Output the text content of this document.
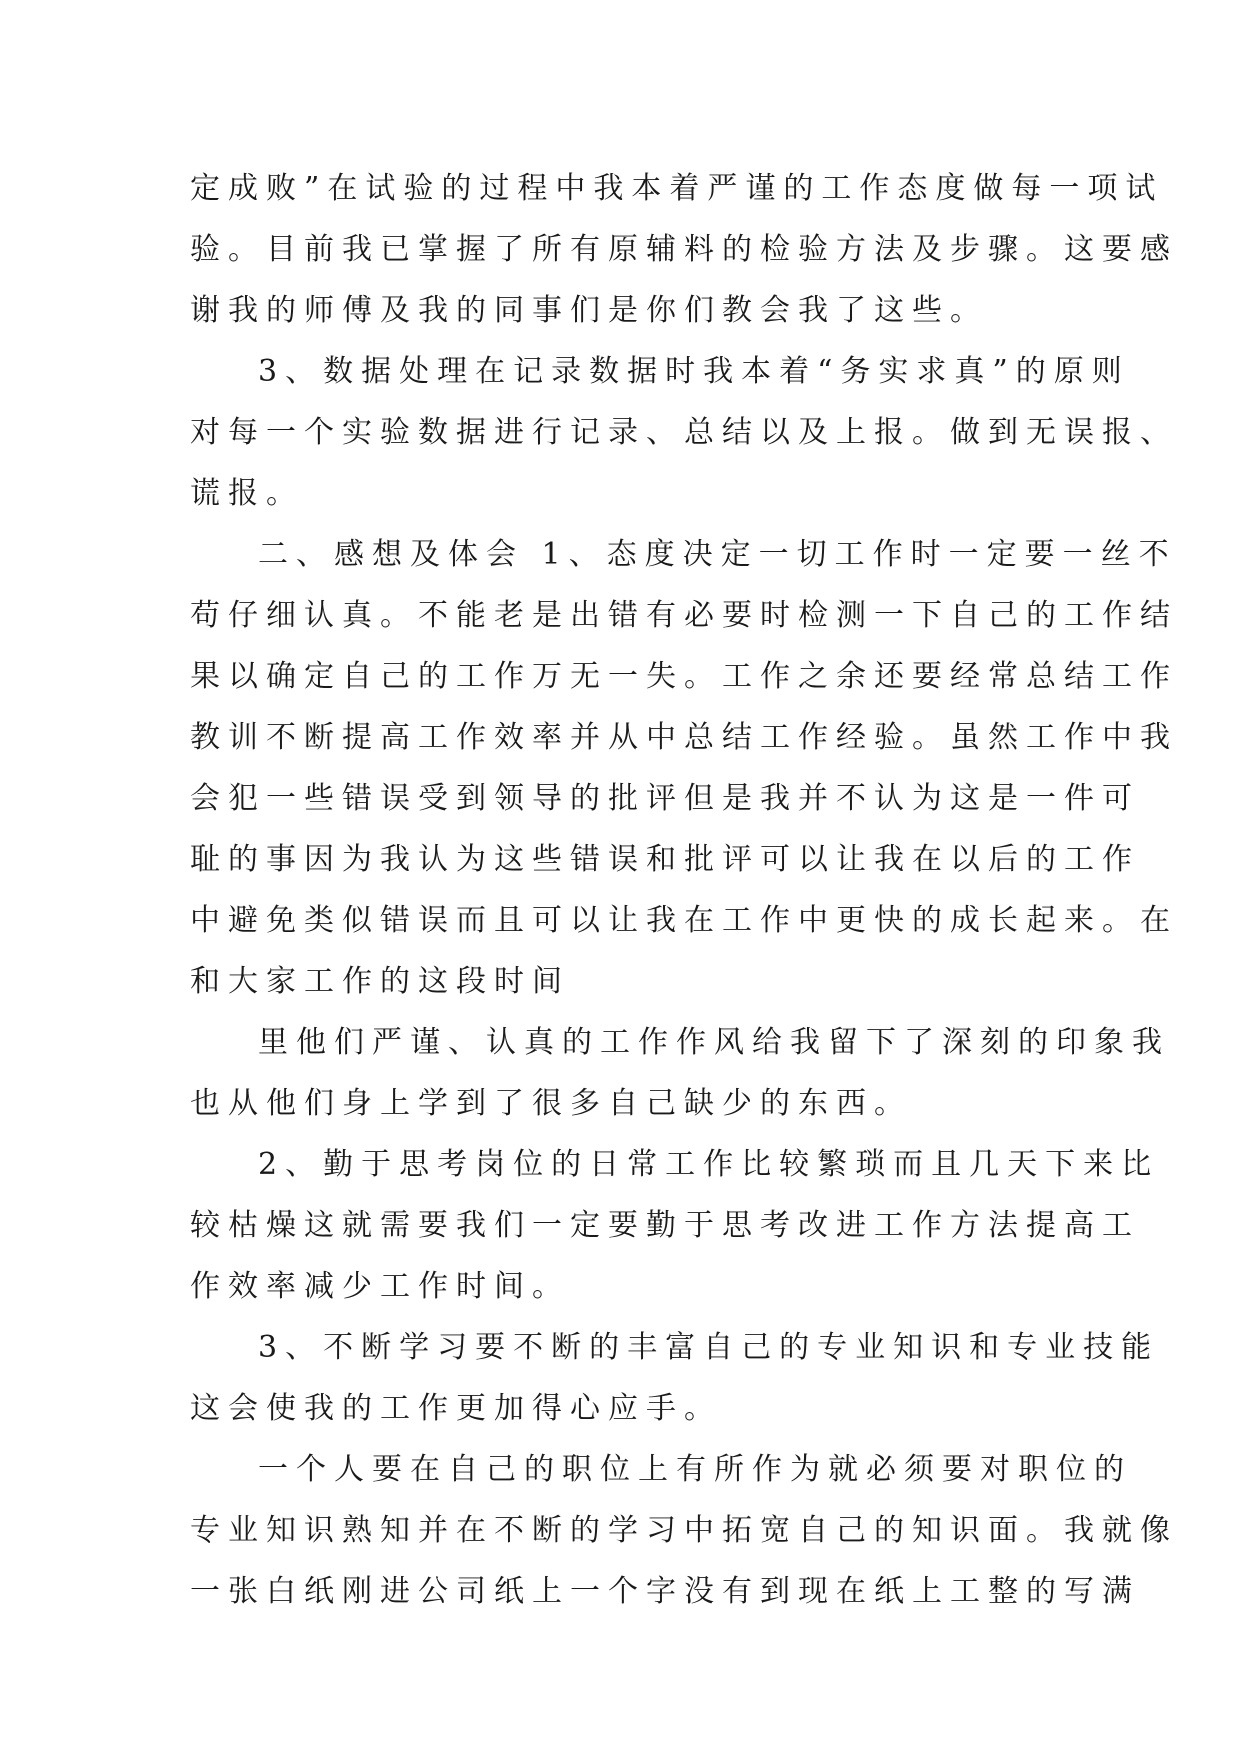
定成败”在试验的过程中我本着严谨的工作态度做每一项试
验。目前我已掌握了所有原辅料的检验方法及步骤。这要感
谢我的师傅及我的同事们是你们教会我了这些。
3、数据处理在记录数据时我本着“务实求真”的原则
对每一个实验数据进行记录、总结以及上报。做到无误报、
谎报。
二、感想及体会 1、态度决定一切工作时一定要一丝不
苟仔细认真。不能老是出错有必要时检测一下自己的工作结
果以确定自己的工作万无一失。工作之余还要经常总结工作
教训不断提高工作效率并从中总结工作经验。虽然工作中我
会犯一些错误受到领导的批评但是我并不认为这是一件可
耻的事因为我认为这些错误和批评可以让我在以后的工作
中避免类似错误而且可以让我在工作中更快的成长起来。在
和大家工作的这段时间
里他们严谨、认真的工作作风给我留下了深刻的印象我
也从他们身上学到了很多自己缺少的东西。
2、勤于思考岗位的日常工作比较繁琐而且几天下来比
较枯燥这就需要我们一定要勤于思考改进工作方法提高工
作效率减少工作时间。
3、不断学习要不断的丰富自己的专业知识和专业技能
这会使我的工作更加得心应手。
一个人要在自己的职位上有所作为就必须要对职位的
专业知识熟知并在不断的学习中拓宽自己的知识面。我就像
一张白纸刚进公司纸上一个字没有到现在纸上工整的写满
